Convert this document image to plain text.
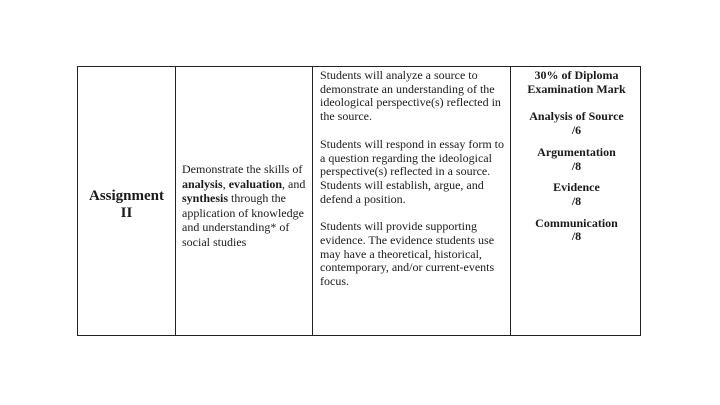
Assignment
II
Demonstrate the skills of analysis, evaluation, and synthesis through the application of knowledge and understanding* of social studies

Students will analyze a source to demonstrate an understanding of the ideological perspective(s) reflected in the source.

Students will respond in essay form to a question regarding the ideological perspective(s) reflected in a source. Students will establish, argue, and defend a position.

Students will provide supporting evidence. The evidence students use may have a theoretical, historical, contemporary, and/or current-events focus.

30% of Diploma Examination Mark
Analysis of Source
/6
Argumentation
/8
Evidence
/8
Communication
/8
